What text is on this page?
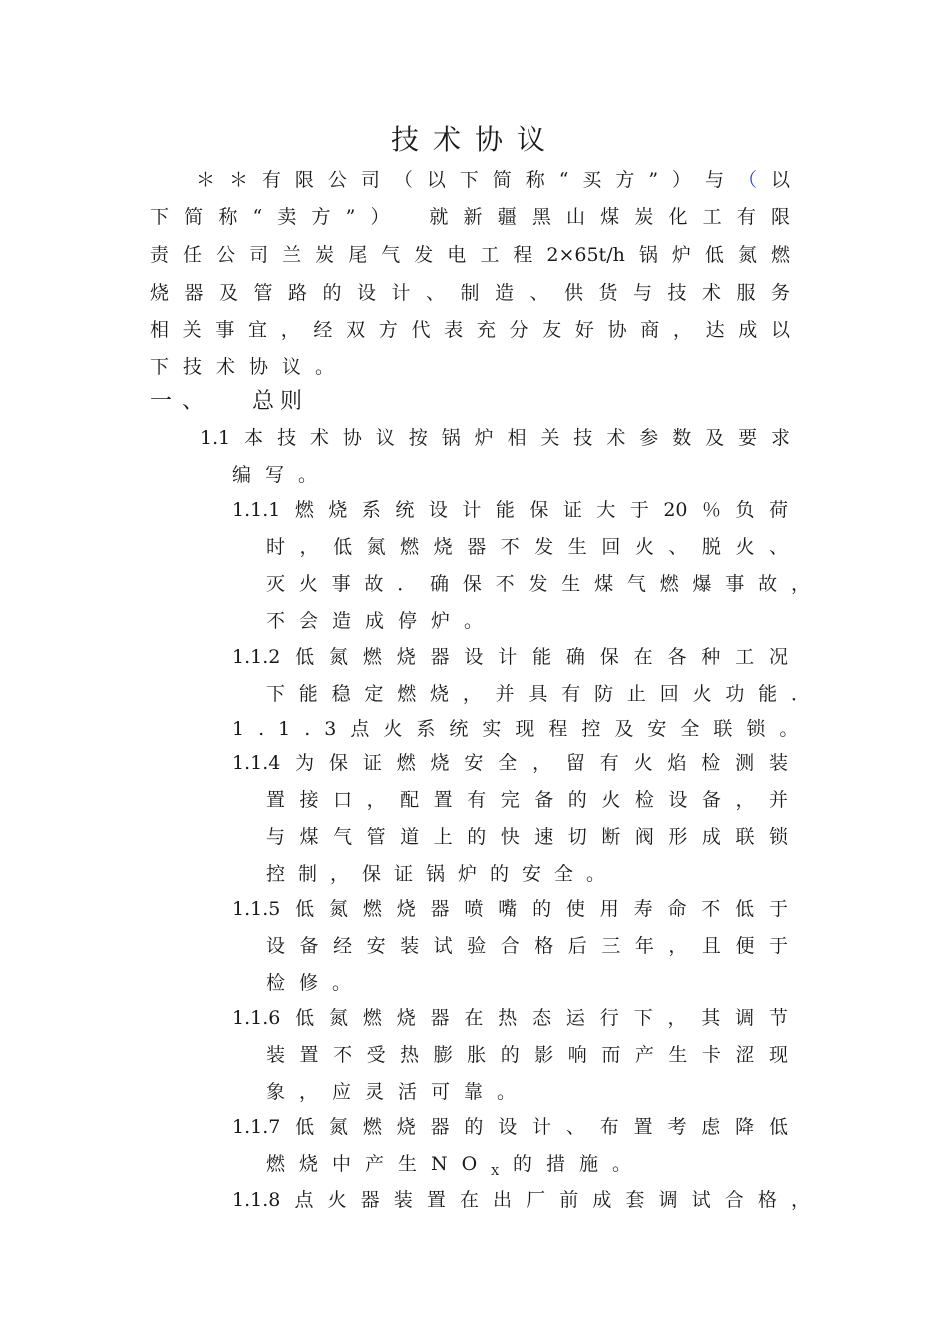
技术协议
＊＊有限公司（以下简称“买方”）与（以
下简称“卖方”）　就新疆黑山煤炭化工有限
责任公司兰炭尾气发电工程2×65t/h锅炉低氮燃
烧器及管路的设计、制造、供货与技术服务
相关事宜，经双方代表充分友好协商，达成以
下技术协议。
一、 总则
1.1本技术协议按锅炉相关技术参数及要求
编写。
1.1.1燃烧系统设计能保证大于20％负荷
时，低氮燃烧器不发生回火、脱火、
灭火事故．确保不发生煤气燃爆事故，
不会造成停炉。
1.1.2低氮燃烧器设计能确保在各种工况
下能稳定燃烧，并具有防止回火功能．
1.1.3点火系统实现程控及安全联锁。
1.1.4为保证燃烧安全，留有火焰检测装
置接口，配置有完备的火检设备，并
与煤气管道上的快速切断阀形成联锁
控制，保证锅炉的安全。
1.1.5低氮燃烧器喷嘴的使用寿命不低于
设备经安装试验合格后三年，且便于
检修。
1.1.6低氮燃烧器在热态运行下，其调节
装置不受热膨胀的影响而产生卡涩现
象，应灵活可靠。
1.1.7低氮燃烧器的设计、布置考虑降低
燃烧中产生$NO_X$的措施。
1.1.8点火器装置在出厂前成套调试合格，
